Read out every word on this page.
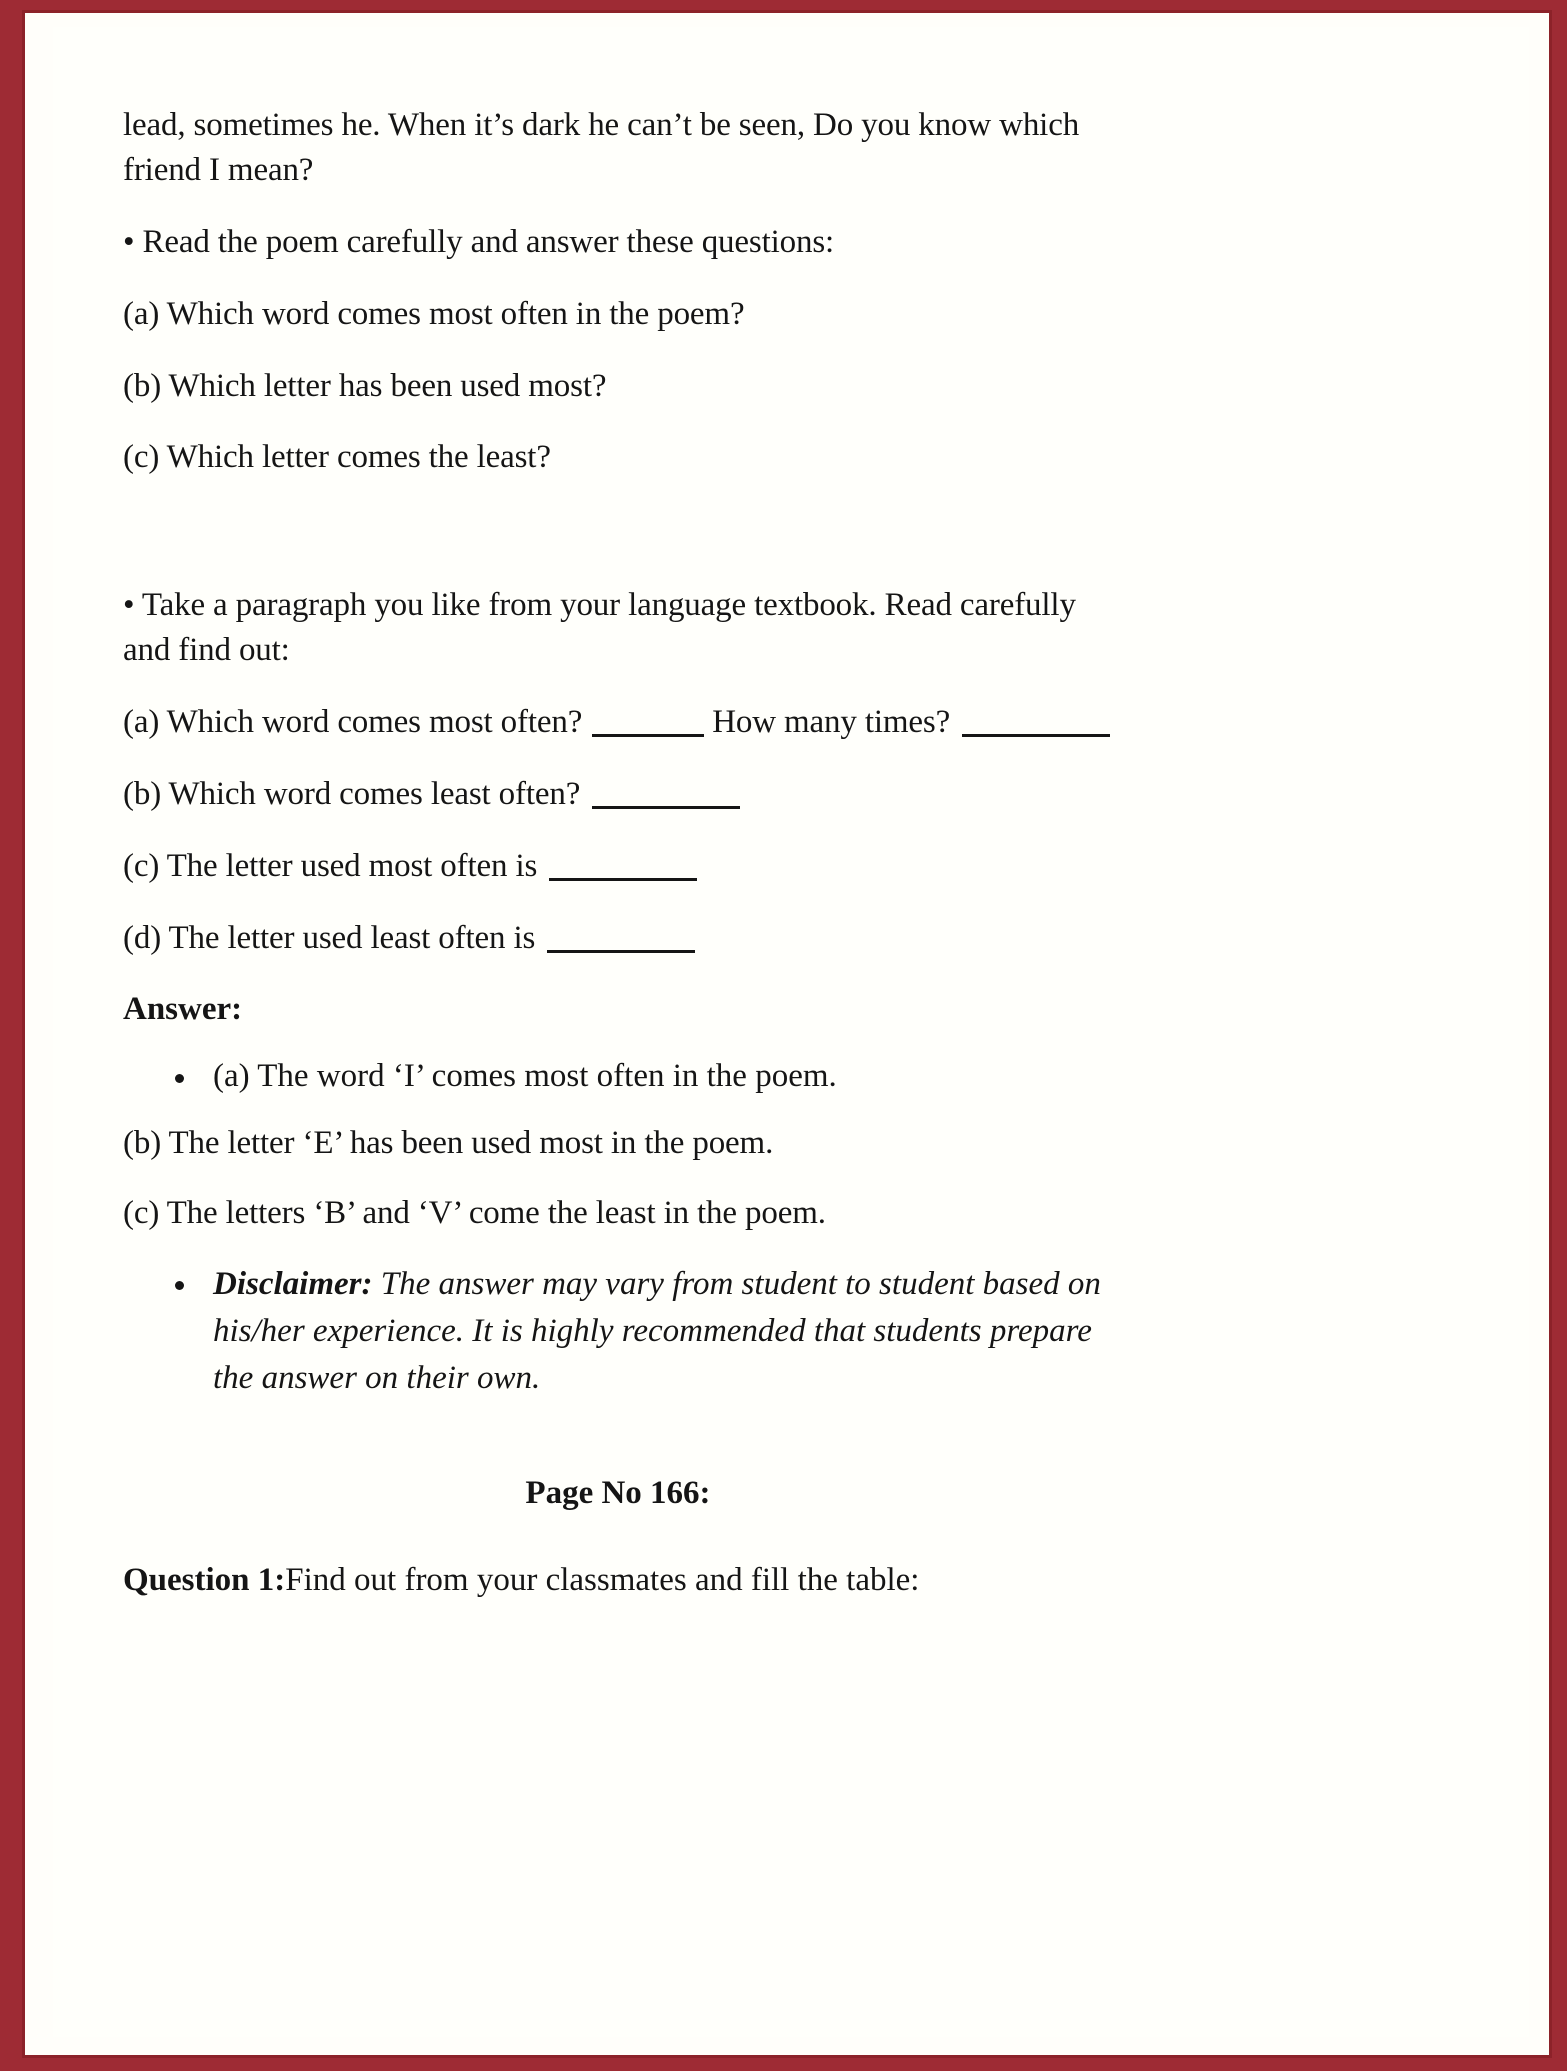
lead, sometimes he. When it’s dark he can’t be seen, Do you know which friend I mean?

• Read the poem carefully and answer these questions:

(a) Which word comes most often in the poem?

(b) Which letter has been used most?

(c) Which letter comes the least?

• Take a paragraph you like from your language textbook. Read carefully and find out:

(a) Which word comes most often?	How many times?

(b) Which word comes least often?

(c) The letter used most often is

(d) The letter used least often is

Answer:

(a) The word ‘I’ comes most often in the poem.

(b) The letter ‘E’ has been used most in the poem.

(c) The letters ‘B’ and ‘V’ come the least in the poem.

Disclaimer: The answer may vary from student to student based on his/her experience. It is highly recommended that students prepare the answer on their own.

Page No 166:

Question 1:Find out from your classmates and fill the table:
